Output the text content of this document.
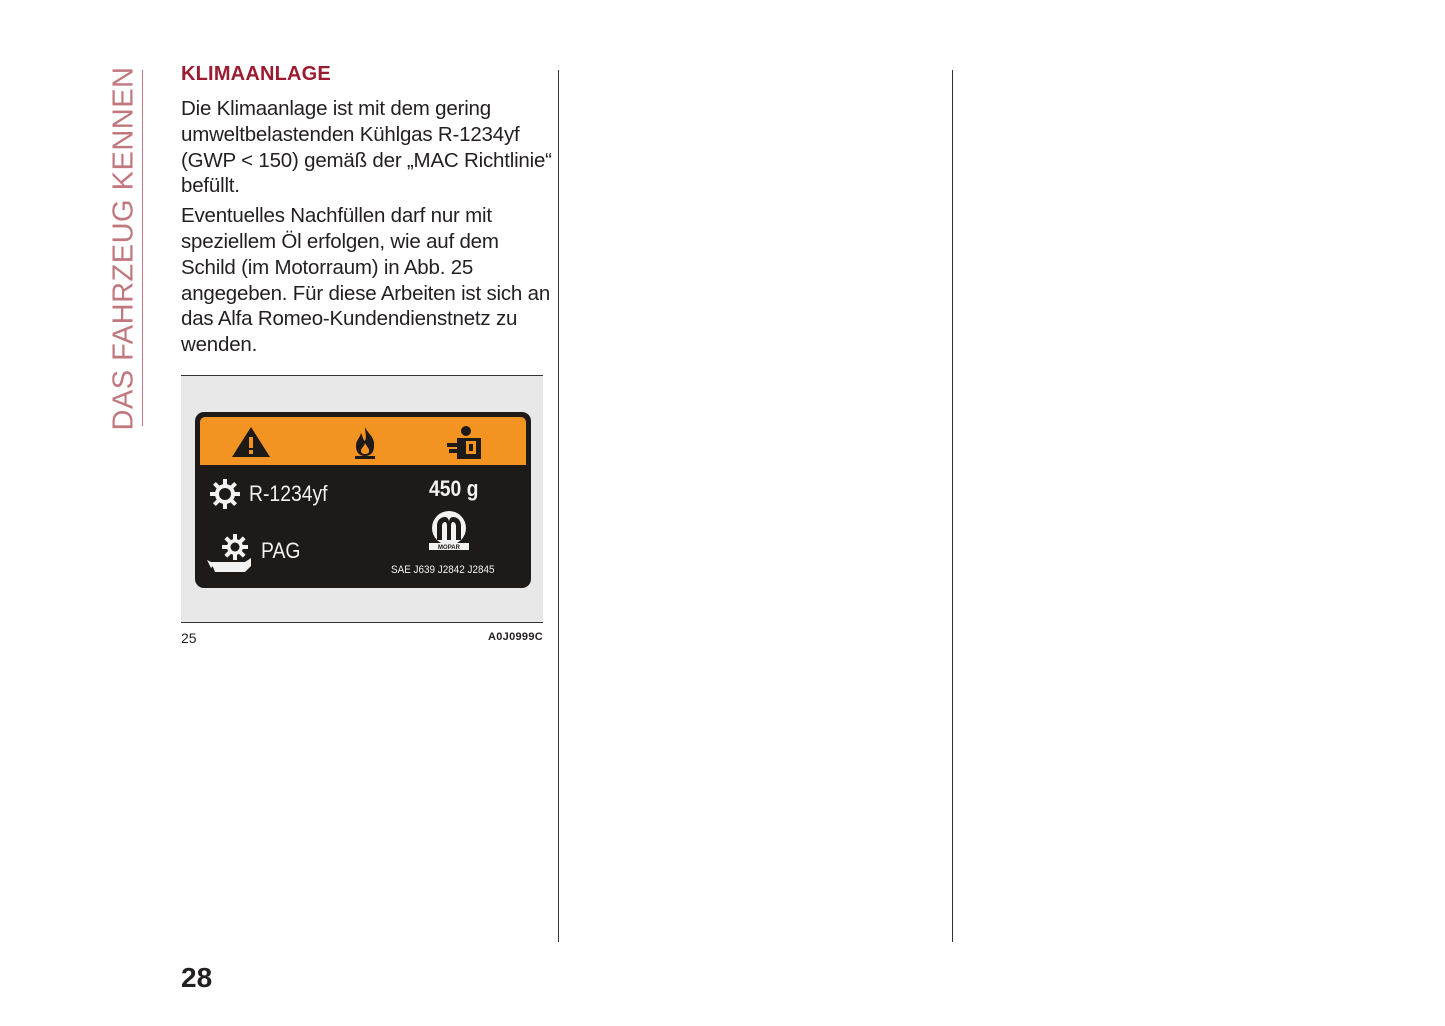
DAS FAHRZEUG KENNEN KLIMAANLAGE

Die Klimaanlage ist mit dem gering umweltbelastenden Kühlgas R-1234yf (GWP < 150) gemäß der „MAC Richtlinie“ befüllt.

Eventuelles Nachfüllen darf nur mit speziellem Öl erfolgen, wie auf dem Schild (im Motorraum) in Abb. 25 angegeben. Für diese Arbeiten ist sich an das Alfa Romeo-Kundendienstnetz zu wenden.

R-1234yf
PAG
450 g
MOPAR
SAE J639 J2842 J2845
25	A0J0999C
28
